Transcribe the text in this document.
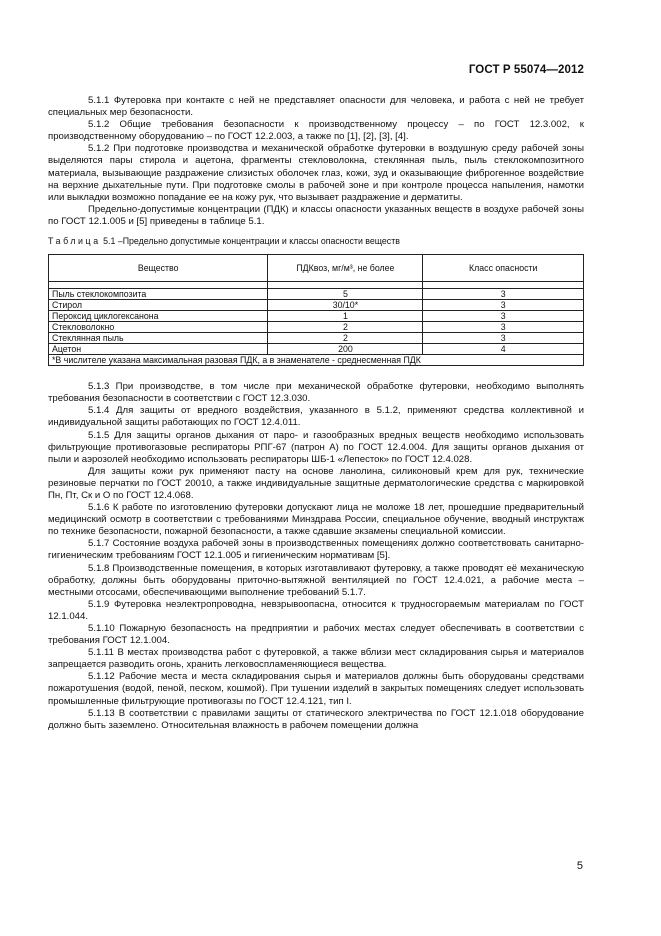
ГОСТ Р 55074—2012

5.1.1 Футеровка при контакте с ней не представляет опасности для человека, и работа с ней не требует специальных мер безопасности.

5.1.2 Общие требования безопасности к производственному процессу – по ГОСТ 12.3.002, к производственному оборудованию – по ГОСТ 12.2.003, а также по [1], [2], [3], [4].

5.1.2 При подготовке производства и механической обработке футеровки в воздушную среду рабочей зоны выделяются пары стирола и ацетона, фрагменты стекловолокна, стеклянная пыль, пыль стеклокомпозитного материала, вызывающие раздражение слизистых оболочек глаз, кожи, зуд и оказывающие фиброгенное воздействие на верхние дыхательные пути. При подготовке смолы в рабочей зоне и при контроле процесса напыления, намотки или выкладки возможно попадание ее на кожу рук, что вызывает раздражение и дерматиты.

Предельно-допустимые концентрации (ПДК) и классы опасности указанных веществ в воздухе рабочей зоны по ГОСТ 12.1.005 и [5] приведены в таблице 5.1.

Таблица 5.1 –Предельно допустимые концентрации и классы опасности веществ
Вещество	ПДКвоз, мг/м³, не более	Класс опасности

Пыль стеклокомпозита	5	3
Стирол	30/10*	3
Пероксид циклогексанона	1	3
Стекловолокно	2	3
Стеклянная пыль	2	3
Ацетон	200	4
*В числителе указана максимальная разовая ПДК, а в знаменателе - среднесменная ПДК		

5.1.3 При производстве, в том числе при механической обработке футеровки, необходимо выполнять требования безопасности в соответствии с ГОСТ 12.3.030.

5.1.4 Для защиты от вредного воздействия, указанного в 5.1.2, применяют средства коллективной и индивидуальной защиты работающих по ГОСТ 12.4.011.

5.1.5 Для защиты органов дыхания от паро- и газообразных вредных веществ необходимо использовать фильтрующие противогазовые респираторы РПГ-67 (патрон А) по ГОСТ 12.4.004. Для защиты органов дыхания от пыли и аэрозолей необходимо использовать респираторы ШБ-1 «Лепесток» по ГОСТ 12.4.028.

Для защиты кожи рук применяют пасту на основе ланолина, силиконовый крем для рук, технические резиновые перчатки по ГОСТ 20010, а также индивидуальные защитные дерматологические средства с маркировкой Пн, Пт, Ск и О по ГОСТ 12.4.068.

5.1.6 К работе по изготовлению футеровки допускают лица не моложе 18 лет, прошедшие предварительный медицинский осмотр в соответствии с требованиями Минздрава России, специальное обучение, вводный инструктаж по технике безопасности, пожарной безопасности, а также сдавшие экзамены специальной комиссии.

5.1.7 Состояние воздуха рабочей зоны в производственных помещениях должно соответствовать санитарно-гигиеническим требованиям ГОСТ 12.1.005 и гигиеническим нормативам [5].

5.1.8 Производственные помещения, в которых изготавливают футеровку, а также проводят её механическую обработку, должны быть оборудованы приточно-вытяжной вентиляцией по ГОСТ 12.4.021, а рабочие места – местными отсосами, обеспечивающими выполнение требований 5.1.7.

5.1.9 Футеровка неэлектропроводна, невзрывоопасна, относится к трудносгораемым материалам по ГОСТ 12.1.044.

5.1.10 Пожарную безопасность на предприятии и рабочих местах следует обеспечивать в соответствии с требования ГОСТ 12.1.004.

5.1.11 В местах производства работ с футеровкой, а также вблизи мест складирования сырья и материалов запрещается разводить огонь, хранить легковоспламеняющиеся вещества.

5.1.12 Рабочие места и места складирования сырья и материалов должны быть оборудованы средствами пожаротушения (водой, пеной, песком, кошмой). При тушении изделий в закрытых помещениях следует использовать промышленные фильтрующие противогазы по ГОСТ 12.4.121, тип I.

5.1.13 В соответствии с правилами защиты от статического электричества по ГОСТ 12.1.018 оборудование должно быть заземлено. Относительная влажность в рабочем помещении должна

5
